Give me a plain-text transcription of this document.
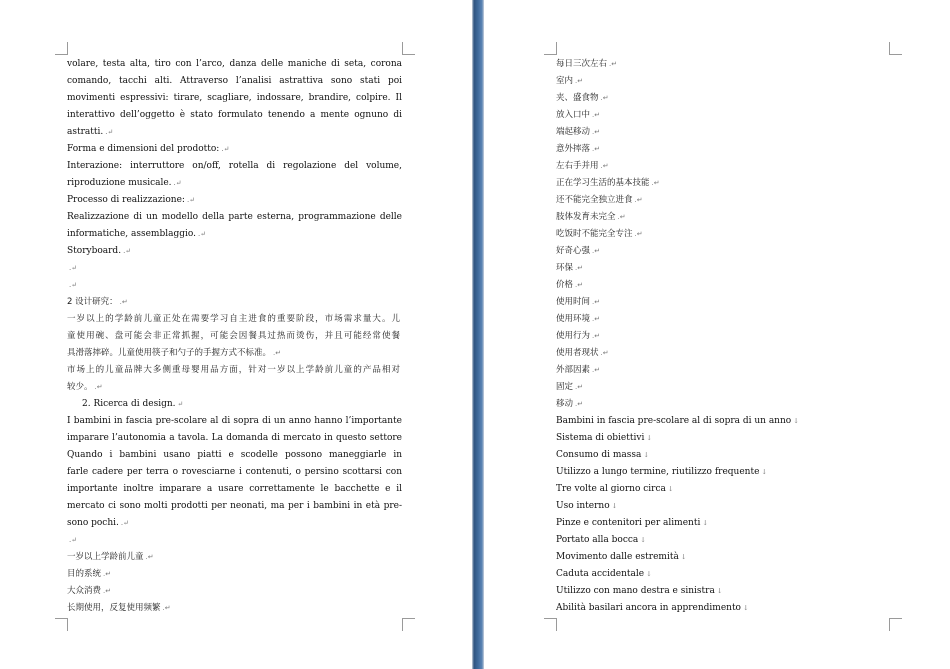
volare, testa alta, tiro con l’arco, danza delle maniche di seta, corona
comando, tacchi alti. Attraverso l’analisi astrattiva sono stati poi
movimenti espressivi: tirare, scagliare, indossare, brandire, colpire. Il
interattivo dell’oggetto è stato formulato tenendo a mente ognuno di
astratti. .↵
Forma e dimensioni del prodotto: .↵
Interazione: interruttore on/off, rotella di regolazione del volume,
riproduzione musicale. .↵
Processo di realizzazione: .↵
Realizzazione di un modello della parte esterna, programmazione delle
informatiche, assemblaggio. .↵
Storyboard. .↵
.↵
.↵
2 设计研究： .↵
一岁以上的学龄前儿童正处在需要学习自主进食的重要阶段，市场需求量大。儿
童使用碗、盘可能会非正常抓握，可能会因餐具过热而烫伤，并且可能经常使餐
具滑落摔碎。儿童使用筷子和勺子的手握方式不标准。 .↵
市场上的儿童品牌大多侧重母婴用品方面，针对一岁以上学龄前儿童的产品相对
较少。 .↵
2. Ricerca di design. ↵
I bambini in fascia pre-scolare al di sopra di un anno hanno l’importante
imparare l’autonomia a tavola. La domanda di mercato in questo settore
Quando i bambini usano piatti e scodelle possono maneggiarle in
farle cadere per terra o rovesciarne i contenuti, o persino scottarsi con
importante inoltre imparare a usare correttamente le bacchette e il
mercato ci sono molti prodotti per neonati, ma per i bambini in età pre-
sono pochi. .↵
.↵
一岁以上学龄前儿童 .↵
目的系统 .↵
大众消费 .↵
长期使用，反复使用频繁 .↵
每日三次左右 .↵
室内 .↵
夹、盛食物 .↵
放入口中 .↵
端起移动 .↵
意外摔落 .↵
左右手并用 .↵
正在学习生活的基本技能 .↵
还不能完全独立进食 .↵
肢体发育未完全 .↵
吃饭时不能完全专注 .↵
好奇心强 .↵
环保 .↵
价格 .↵
使用时间 .↵
使用环境 .↵
使用行为 .↵
使用者现状 .↵
外部因素 .↵
固定 .↵
移动 .↵
Bambini in fascia pre-scolare al di sopra di un anno ↓
Sistema di obiettivi ↓
Consumo di massa ↓
Utilizzo a lungo termine, riutilizzo frequente ↓
Tre volte al giorno circa ↓
Uso interno ↓
Pinze e contenitori per alimenti ↓
Portato alla bocca ↓
Movimento dalle estremità ↓
Caduta accidentale ↓
Utilizzo con mano destra e sinistra ↓
Abilità basilari ancora in apprendimento ↓
